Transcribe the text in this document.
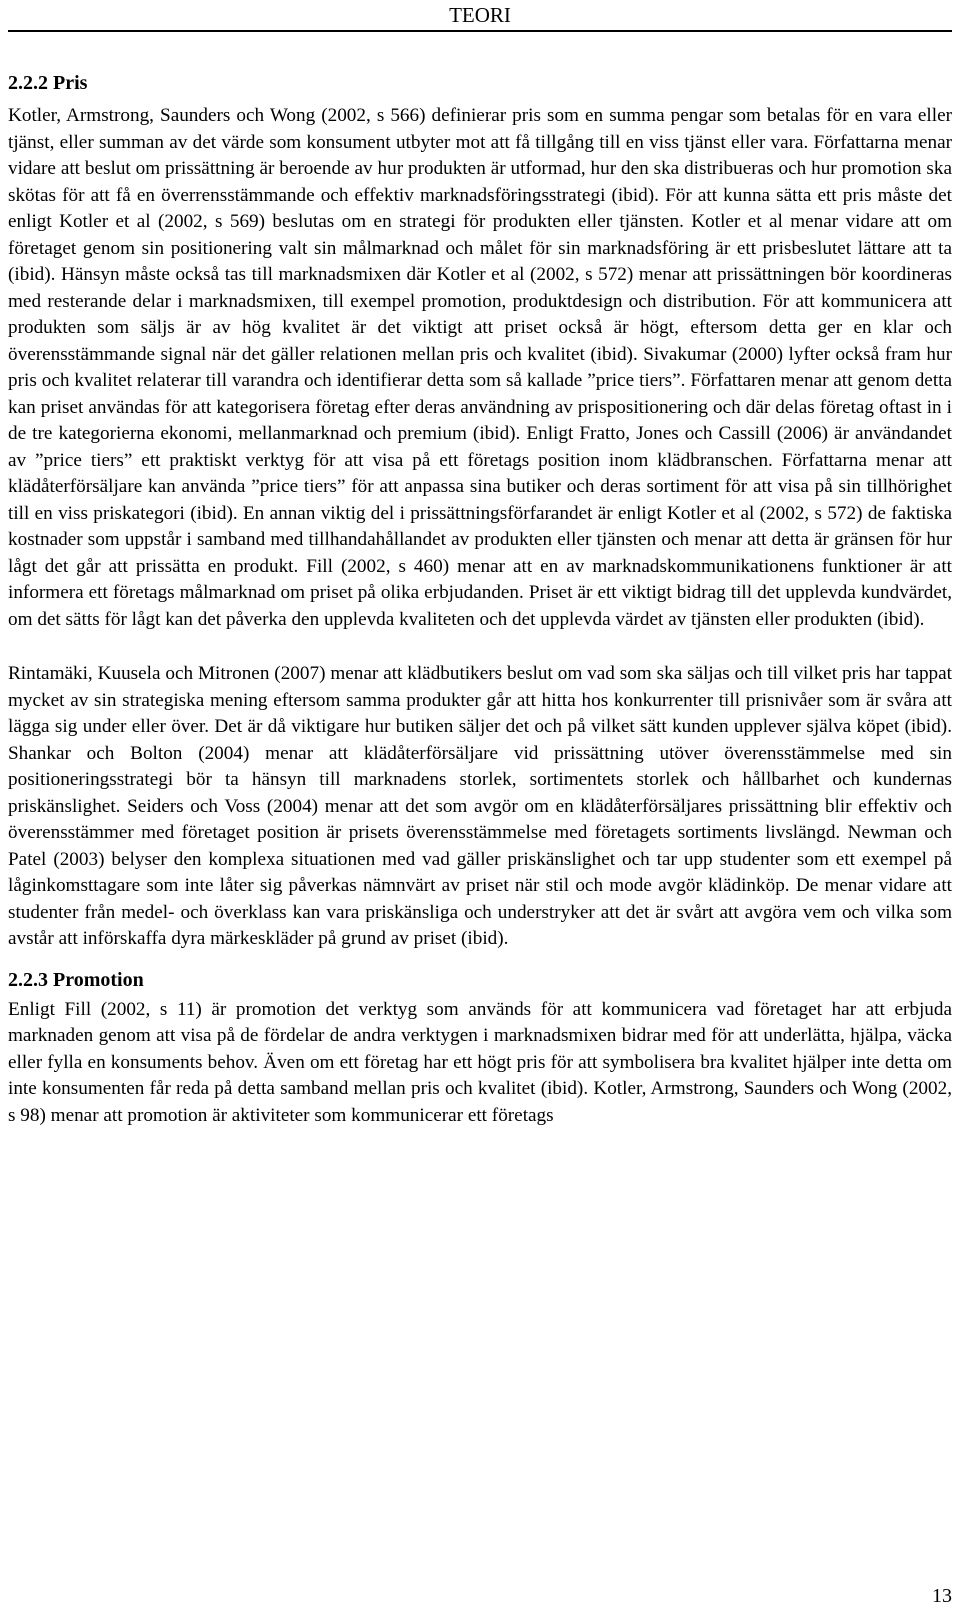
TEORI
2.2.2 Pris

Kotler, Armstrong, Saunders och Wong (2002, s 566) definierar pris som en summa pengar som betalas för en vara eller tjänst, eller summan av det värde som konsument utbyter mot att få tillgång till en viss tjänst eller vara. Författarna menar vidare att beslut om prissättning är beroende av hur produkten är utformad, hur den ska distribueras och hur promotion ska skötas för att få en överrensstämmande och effektiv marknadsföringsstrategi (ibid). För att kunna sätta ett pris måste det enligt Kotler et al (2002, s 569) beslutas om en strategi för produkten eller tjänsten. Kotler et al menar vidare att om företaget genom sin positionering valt sin målmarknad och målet för sin marknadsföring är ett prisbeslutet lättare att ta (ibid). Hänsyn måste också tas till marknadsmixen där Kotler et al (2002, s 572) menar att prissättningen bör koordineras med resterande delar i marknadsmixen, till exempel promotion, produktdesign och distribution. För att kommunicera att produkten som säljs är av hög kvalitet är det viktigt att priset också är högt, eftersom detta ger en klar och överensstämmande signal när det gäller relationen mellan pris och kvalitet (ibid). Sivakumar (2000) lyfter också fram hur pris och kvalitet relaterar till varandra och identifierar detta som så kallade ”price tiers”. Författaren menar att genom detta kan priset användas för att kategorisera företag efter deras användning av prispositionering och där delas företag oftast in i de tre kategorierna ekonomi, mellanmarknad och premium (ibid). Enligt Fratto, Jones och Cassill (2006) är användandet av ”price tiers” ett praktiskt verktyg för att visa på ett företags position inom klädbranschen. Författarna menar att klädåterförsäljare kan använda ”price tiers” för att anpassa sina butiker och deras sortiment för att visa på sin tillhörighet till en viss priskategori (ibid). En annan viktig del i prissättningsförfarandet är enligt Kotler et al (2002, s 572) de faktiska kostnader som uppstår i samband med tillhandahållandet av produkten eller tjänsten och menar att detta är gränsen för hur lågt det går att prissätta en produkt. Fill (2002, s 460) menar att en av marknadskommunikationens funktioner är att informera ett företags målmarknad om priset på olika erbjudanden. Priset är ett viktigt bidrag till det upplevda kundvärdet, om det sätts för lågt kan det påverka den upplevda kvaliteten och det upplevda värdet av tjänsten eller produkten (ibid).

Rintamäki, Kuusela och Mitronen (2007) menar att klädbutikers beslut om vad som ska säljas och till vilket pris har tappat mycket av sin strategiska mening eftersom samma produkter går att hitta hos konkurrenter till prisnivåer som är svåra att lägga sig under eller över. Det är då viktigare hur butiken säljer det och på vilket sätt kunden upplever själva köpet (ibid). Shankar och Bolton (2004) menar att klädåterförsäljare vid prissättning utöver överensstämmelse med sin positioneringsstrategi bör ta hänsyn till marknadens storlek, sortimentets storlek och hållbarhet och kundernas priskänslighet. Seiders och Voss (2004) menar att det som avgör om en klädåterförsäljares prissättning blir effektiv och överensstämmer med företaget position är prisets överensstämmelse med företagets sortiments livslängd. Newman och Patel (2003) belyser den komplexa situationen med vad gäller priskänslighet och tar upp studenter som ett exempel på låginkomsttagare som inte låter sig påverkas nämnvärt av priset när stil och mode avgör klädinköp. De menar vidare att studenter från medel- och överklass kan vara priskänsliga och understryker att det är svårt att avgöra vem och vilka som avstår att införskaffa dyra märkeskläder på grund av priset (ibid).

2.2.3 Promotion

Enligt Fill (2002, s 11) är promotion det verktyg som används för att kommunicera vad företaget har att erbjuda marknaden genom att visa på de fördelar de andra verktygen i marknadsmixen bidrar med för att underlätta, hjälpa, väcka eller fylla en konsuments behov. Även om ett företag har ett högt pris för att symbolisera bra kvalitet hjälper inte detta om inte konsumenten får reda på detta samband mellan pris och kvalitet (ibid). Kotler, Armstrong, Saunders och Wong (2002, s 98) menar att promotion är aktiviteter som kommunicerar ett företags

13
